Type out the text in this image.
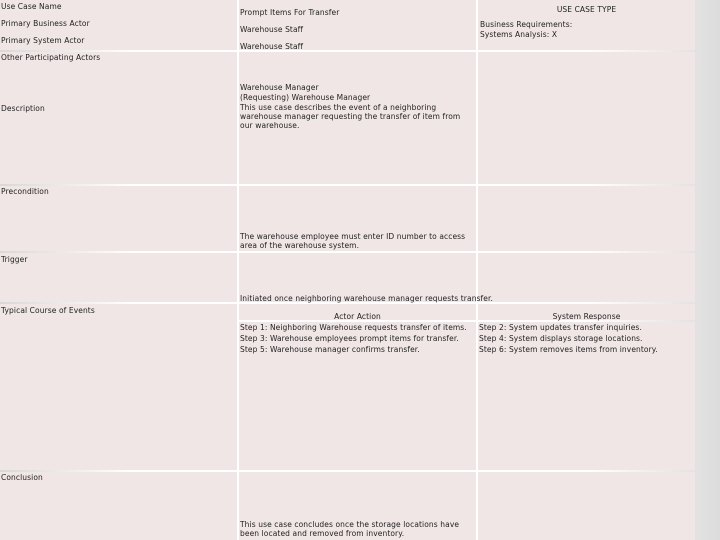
Use Case Name
Primary Business Actor
Primary System Actor
Other Participating Actors
Description
Precondition
Trigger
Typical Course of Events
Conclusion
Prompt Items For Transfer
Warehouse Staff
Warehouse Staff
Warehouse Manager
(Requesting) Warehouse Manager
This use case describes the event of a neighboring warehouse manager requesting the transfer of item from our warehouse.
The warehouse employee must enter ID number to access area of the warehouse system.
Initiated once neighboring warehouse manager requests transfer.
USE CASE TYPE
Business Requirements:
Systems Analysis: X
Actor Action	System Response
Step 1: Neighboring Warehouse requests transfer of items.
Step 3: Warehouse employees prompt items for transfer.
Step 5: Warehouse manager confirms transfer.
Step 2: System updates transfer inquiries.
Step 4: System displays storage locations.
Step 6: System removes items from inventory.
This use case concludes once the storage locations have been located and removed from inventory.
